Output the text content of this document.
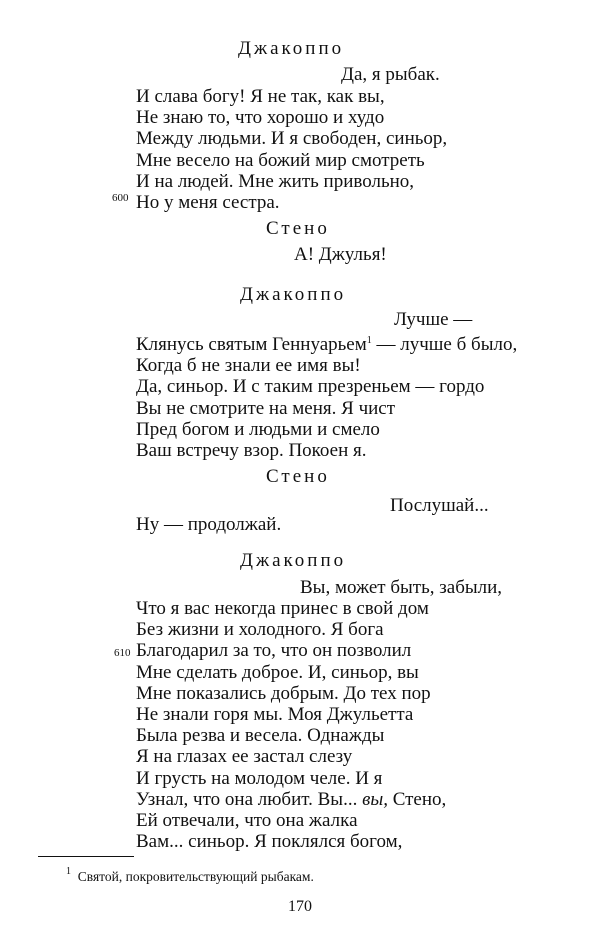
Джакоппо
Да, я рыбак.
И слава богу! Я не так, как вы,
Не знаю то, что хорошо и худо
Между людьми. И я свободен, синьор,
Мне весело на божий мир смотреть
И на людей. Мне жить привольно,
Но у меня сестра.
600
Стено
А! Джулья!
Джакоппо
Лучше —
Клянусь святым Геннуарьем$^1$ — лучше б было,
Когда б не знали ее имя вы!
Да, синьор. И с таким презреньем — гордо
Вы не смотрите на меня. Я чист
Пред богом и людьми и смело
Ваш встречу взор. Покоен я.
Стено
Послушай...
Ну — продолжай.
Джакоппо
Вы, может быть, забыли,
Что я вас некогда принес в свой дом
Без жизни и холодного. Я бога
Благодарил за то, что он позволил
Мне сделать доброе. И, синьор, вы
Мне показались добрым. До тех пор
Не знали горя мы. Моя Джульетта
Была резва и весела. Однажды
Я на глазах ее застал слезу
И грусть на молодом челе. И я
Узнал, что она любит. Вы... вы, Стено,
Ей отвечали, что она жалка
Вам... синьор. Я поклялся богом,
610
$^1$ Святой, покровительствующий рыбакам.
170
